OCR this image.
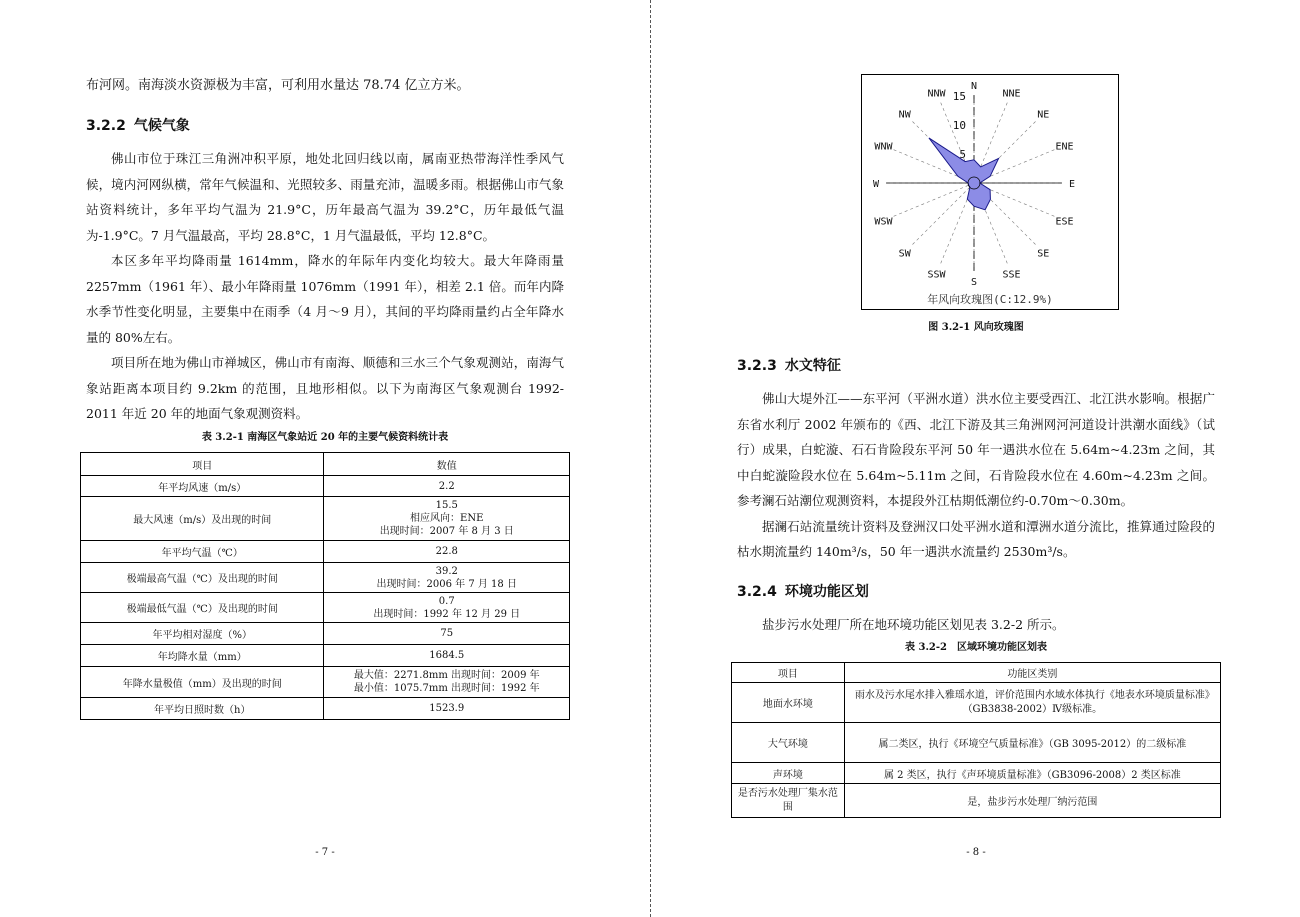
布河网。南海淡水资源极为丰富，可利用水量达 78.74 亿立方米。

3.2.2 气候气象

佛山市位于珠江三角洲冲积平原，地处北回归线以南，属南亚热带海洋性季风气候，境内河网纵横，常年气候温和、光照较多、雨量充沛，温暖多雨。根据佛山市气象站资料统计，多年平均气温为 21.9°C，历年最高气温为 39.2°C，历年最低气温为-1.9°C。7 月气温最高，平均 28.8°C，1 月气温最低，平均 12.8°C。

本区多年平均降雨量 1614mm，降水的年际年内变化均较大。最大年降雨量 2257mm（1961 年）、最小年降雨量 1076mm（1991 年），相差 2.1 倍。而年内降水季节性变化明显，主要集中在雨季（4 月～9 月），其间的平均降雨量约占全年降水量的 80%左右。

项目所在地为佛山市禅城区，佛山市有南海、顺德和三水三个气象观测站，南海气象站距离本项目约 9.2km 的范围，且地形相似。以下为南海区气象观测台 1992-2011 年近 20 年的地面气象观测资料。

表 3.2-1 南海区气象站近 20 年的主要气候资料统计表

项目	数值
年平均风速（m/s）	2.2

最大风速（m/s）及出现的时间	15.5
相应风向：ENE
出现时间：2007 年 8 月 3 日

年平均气温（℃）	22.8

极端最高气温（℃）及出现的时间	39.2
出现时间：2006 年 7 月 18 日

极端最低气温（℃）及出现的时间	0.7
出现时间：1992 年 12 月 29 日

年平均相对湿度（%）	75

年均降水量（mm）	1684.5

年降水量极值（mm）及出现的时间	最大值：2271.8mm 出现时间：2009 年
最小值：1075.7mm 出现时间：1992 年

年平均日照时数（h）	1523.9
- 7 -
5
10
15
N
NNE
NE
ENE
E
ESE
SE
SSE
S
SSW
SW
WSW
W
WNW
NW
NNW
年风向玫瑰图(C:12.9%)
图 3.2-1 风向玫瑰图
3.2.3 水文特征

佛山大堤外江——东平河（平洲水道）洪水位主要受西江、北江洪水影响。根据广东省水利厅 2002 年颁布的《西、北江下游及其三角洲网河河道设计洪潮水面线》（试行）成果，白蛇漩、石石肯险段东平河 50 年一遇洪水位在 5.64m~4.23m 之间，其中白蛇漩险段水位在 5.64m~5.11m 之间，石肯险段水位在 4.60m~4.23m 之间。参考澜石站潮位观测资料，本提段外江枯期低潮位约-0.70m～0.30m。

据澜石站流量统计资料及登洲汉口处平洲水道和潭洲水道分流比，推算通过险段的枯水期流量约 140m³/s，50 年一遇洪水流量约 2530m³/s。

3.2.4 环境功能区划

盐步污水处理厂所在地环境功能区划见表 3.2-2 所示。

表 3.2-2　区域环境功能区划表

项目	功能区类别
地面水环境	雨水及污水尾水排入雅瑶水道，评价范围内水域水体执行《地表水环境质量标准》（GB3838-2002）Ⅳ级标准。
大气环境	属二类区，执行《环境空气质量标准》（GB 3095-2012）的二级标准
声环境	属 2 类区，执行《声环境质量标准》（GB3096-2008）2 类区标准
是否污水处理厂集水范围	是，盐步污水处理厂纳污范围
- 8 -
